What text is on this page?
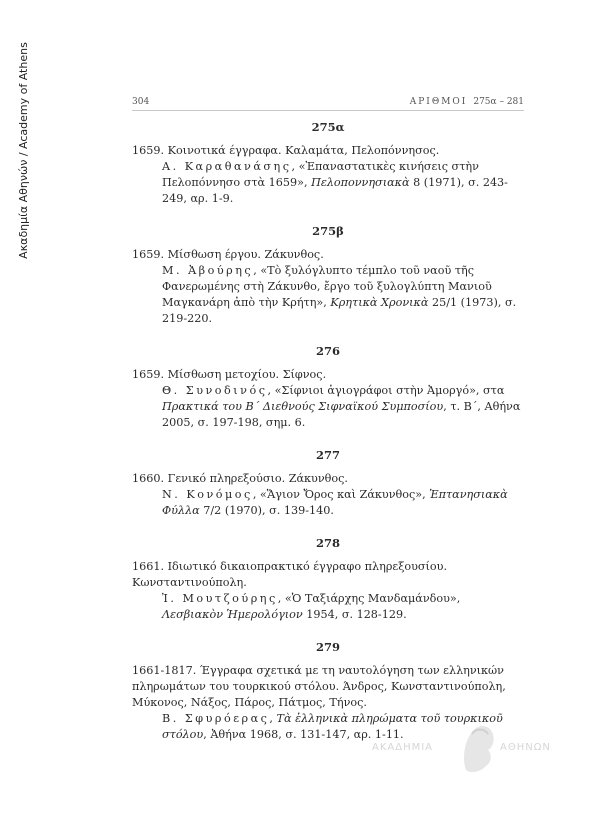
Ακαδημία Αθηνών / Academy of Athens	304	ΑΡΙΘΜΟΙ 275α – 281
275α
1659. Κοινοτικά έγγραφα. Καλαμάτα, Πελοπόννησος.
Α. Καραθανάσης, «Ἐπαναστατικὲς κινήσεις στὴν Πελοπόννησο στὰ 1659», Πελοποννησιακὰ 8 (1971), σ. 243-249, αρ. 1-9.
275β
1659. Μίσθωση έργου. Ζάκυνθος.
Μ. Ἀβούρης, «Τὸ ξυλόγλυπτο τέμπλο τοῦ ναοῦ τῆς Φανερωμένης στὴ Ζάκυνθο, ἔργο τοῦ ξυλογλύπτη Μανιοῦ Μαγκανάρη ἀπὸ τὴν Κρήτη», Κρητικὰ Χρονικὰ 25/1 (1973), σ. 219-220.
276
1659. Μίσθωση μετοχίου. Σίφνος.
Θ. Συνοδινός, «Σίφνιοι ἁγιογράφοι στὴν Ἀμοργό», στα Πρακτικά του Β΄ Διεθνούς Σιφναϊκού Συμποσίου, τ. Β΄, Αθήνα 2005, σ. 197-198, σημ. 6.
277
1660. Γενικό πληρεξούσιο. Ζάκυνθος.
Ν. Κονόμος, «Ἅγιον Ὄρος καὶ Ζάκυνθος», Ἑπτανησιακὰ Φύλλα 7/2 (1970), σ. 139-140.
278
1661. Ιδιωτικό δικαιοπρακτικό έγγραφο πληρεξουσίου. Κωνσταντινούπολη.
Ἰ. Μουτζούρης, «Ὁ Ταξιάρχης Μανδαμάνδου», Λεσβιακὸν Ἡμερολόγιον 1954, σ. 128-129.
279
1661-1817. Έγγραφα σχετικά με τη ναυτολόγηση των ελληνικών πληρωμάτων του τουρκικού στόλου. Άνδρος, Κωνσταντινούπολη, Μύκονος, Νάξος, Πάρος, Πάτμος, Τήνος.
Β. Σφυρόερας, Τὰ ἑλληνικὰ πληρώματα τοῦ τουρκικοῦ στόλου, Ἀθήνα 1968, σ. 131-147, αρ. 1-11.
ΑΚΑΔΗΜΙΑ	ΑΘΗΝΩΝ
